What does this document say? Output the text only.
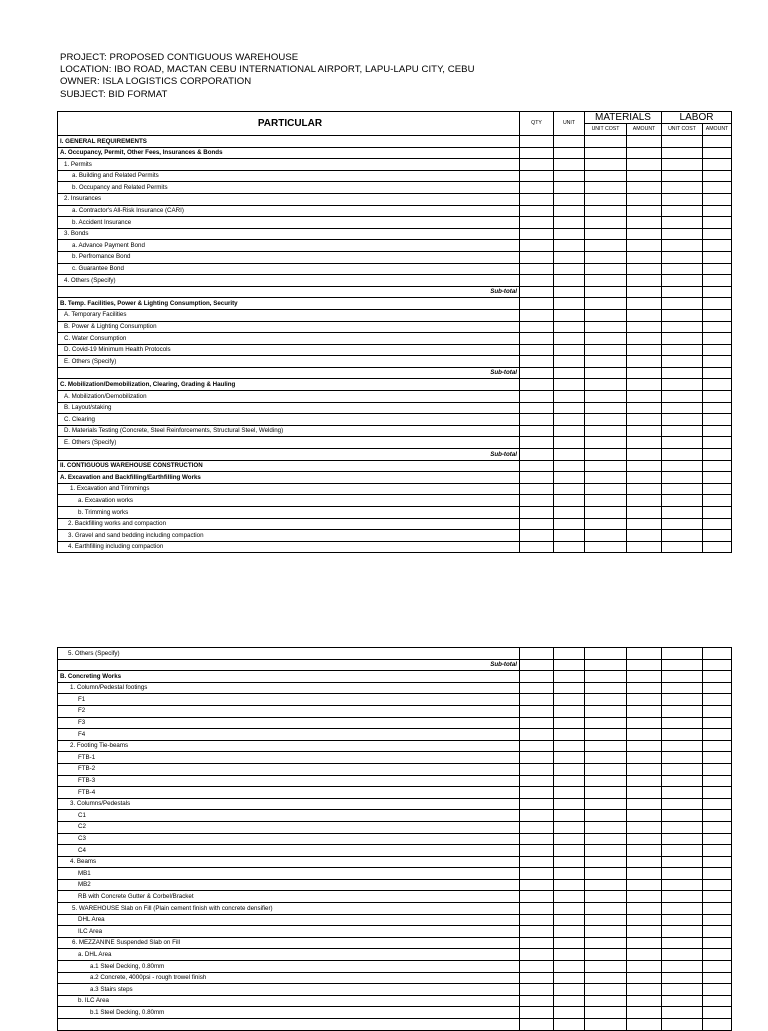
PROJECT: PROPOSED CONTIGUOUS WAREHOUSE
LOCATION: IBO ROAD, MACTAN CEBU INTERNATIONAL AIRPORT, LAPU-LAPU CITY, CEBU
OWNER: ISLA LOGISTICS CORPORATION
SUBJECT: BID FORMAT
PARTICULAR	QTY	UNIT	MATERIALS		LABOR	
			UNIT COST	AMOUNT	UNIT COST	AMOUNT
I. GENERAL REQUIREMENTS						
A. Occupancy, Permit, Other Fees, Insurances & Bonds						
1. Permits						
a. Building and Related Permits						
b. Occupancy and Related Permits						
2. Insurances						
a. Contractor's All-Risk Insurance (CARI)						
b. Accident Insurance						
3. Bonds						
a. Advance Payment Bond						
b. Perfromance Bond						
c. Guarantee Bond						
4. Others (Specify)						
Sub-total						
B. Temp. Facilities, Power & Lighting Consumption, Security						
A. Temporary Facilities						
B. Power & Lighting Consumption						
C. Water Consumption						
D. Covid-19 Minimum Health Protocols						
E. Others (Specify)						
Sub-total						
C. Mobilization/Demobilization, Clearing, Grading & Hauling						
A. Mobilization/Demobilization						
B. Layout/staking						
C. Clearing						
D. Materials Testing (Concrete, Steel Reinforcements, Structural Steel, Welding)						
E. Others (Specify)						
Sub-total						
II. CONTIGUOUS WAREHOUSE CONSTRUCTION						
A. Excavation and Backfilling/Earthfilling Works						
1. Excavation and Trimmings						
a. Excavation works						
b. Trimming works						
2. Backfilling works and compaction						
3. Gravel and sand bedding including compaction						
4. Earthfilling including compaction						
5. Others (Specify)						
Sub-total						
B. Concreting Works						
1. Column/Pedestal footings						
F1						
F2						
F3						
F4						
2. Footing Tie-beams						
FTB-1						
FTB-2						
FTB-3						
FTB-4						
3. Columns/Pedestals						
C1						
C2						
C3						
C4						
4. Beams						
MB1						
MB2						
RB with Concrete Gutter & Corbel/Bracket						
5. WAREHOUSE Slab on Fill (Plain cement finish with concrete densifier)						
DHL Area						
ILC Area						
6. MEZZANINE Suspended Slab on Fill						
a. DHL Area						
a.1 Steel Decking, 0.80mm						
a.2 Concrete, 4000psi - rough trowel finish						
a.3 Stairs steps						
b. ILC Area						
b.1 Steel Decking, 0.80mm						
